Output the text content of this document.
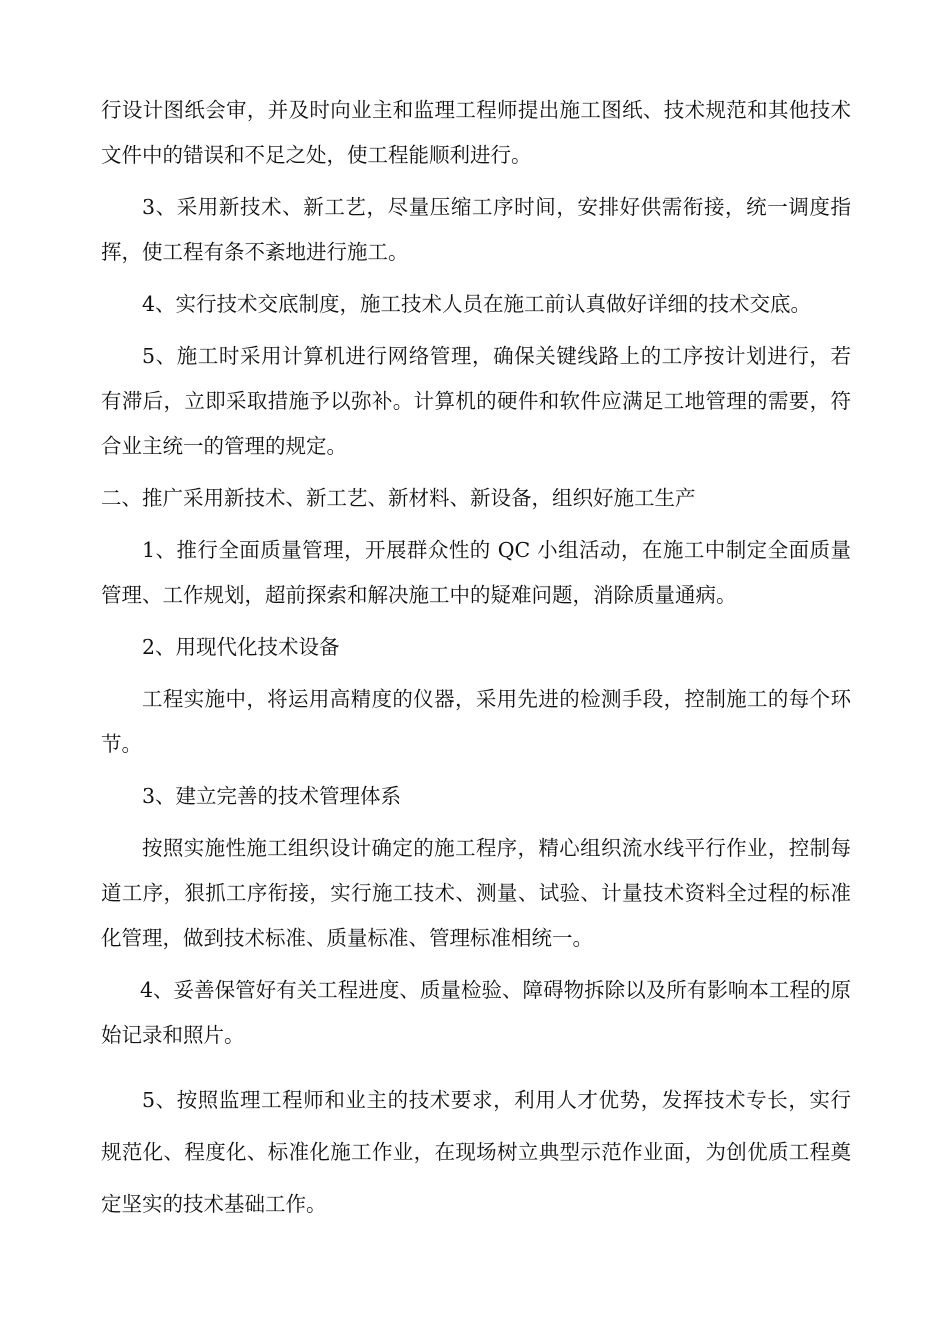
行设计图纸会审，并及时向业主和监理工程师提出施工图纸、技术规范和其他技术文件中的错误和不足之处，使工程能顺利进行。

3、采用新技术、新工艺，尽量压缩工序时间，安排好供需衔接，统一调度指挥，使工程有条不紊地进行施工。

4、实行技术交底制度，施工技术人员在施工前认真做好详细的技术交底。

5、施工时采用计算机进行网络管理，确保关键线路上的工序按计划进行，若有滞后，立即采取措施予以弥补。计算机的硬件和软件应满足工地管理的需要，符合业主统一的管理的规定。

二、推广采用新技术、新工艺、新材料、新设备，组织好施工生产

1、推行全面质量管理，开展群众性的 QC 小组活动，在施工中制定全面质量管理、工作规划，超前探索和解决施工中的疑难问题，消除质量通病。

2、用现代化技术设备

工程实施中，将运用高精度的仪器，采用先进的检测手段，控制施工的每个环节。

3、建立完善的技术管理体系

按照实施性施工组织设计确定的施工程序，精心组织流水线平行作业，控制每道工序，狠抓工序衔接，实行施工技术、测量、试验、计量技术资料全过程的标准化管理，做到技术标准、质量标准、管理标准相统一。

4、妥善保管好有关工程进度、质量检验、障碍物拆除以及所有影响本工程的原始记录和照片。

5、按照监理工程师和业主的技术要求，利用人才优势，发挥技术专长，实行规范化、程度化、标准化施工作业，在现场树立典型示范作业面，为创优质工程奠定坚实的技术基础工作。
